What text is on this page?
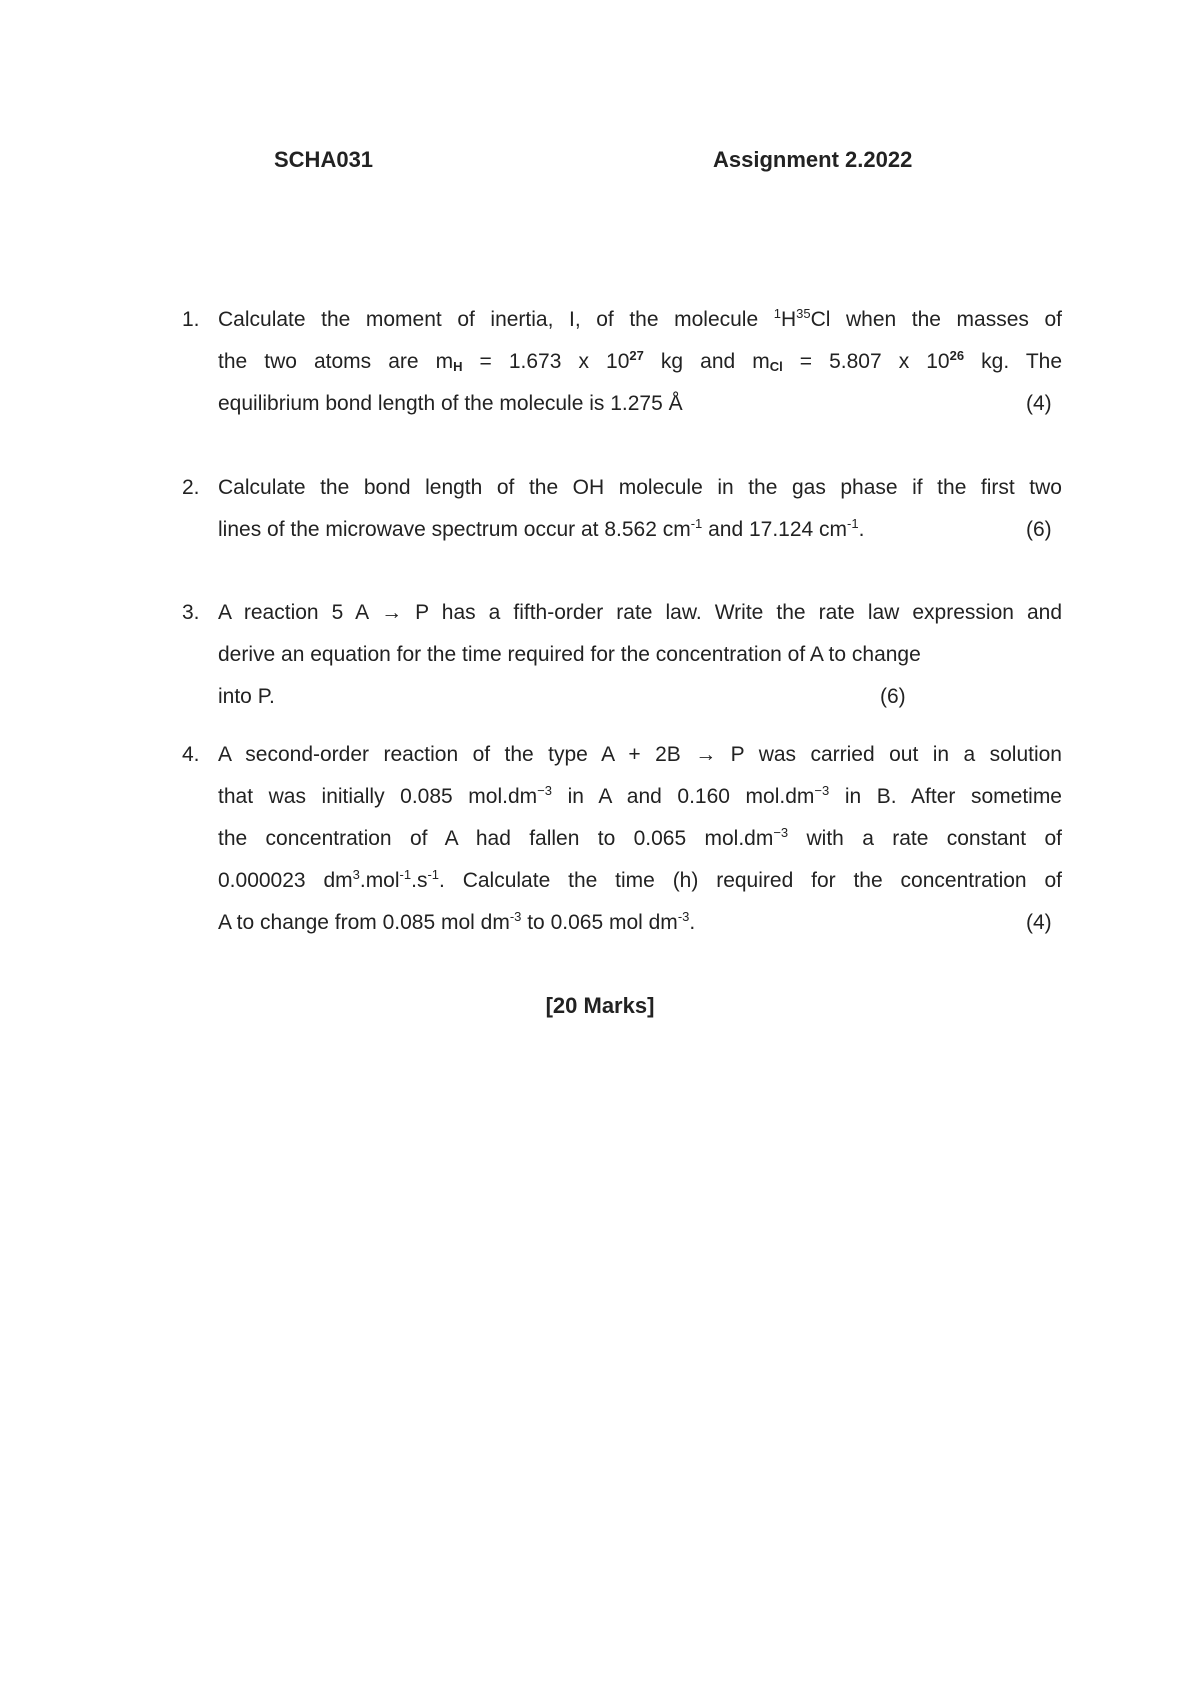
SCHA031	Assignment 2.2022
1. Calculate the moment of inertia, I, of the molecule $^1H^{35}Cl$ when the masses of
the two atoms are $m_H = 1.673$ x $10^{27}$ kg and $m_{Cl} = 5.807$ x $10^{26}$ kg. The
equilibrium bond length of the molecule is 1.275 Å	(4)
2. Calculate the bond length of the OH molecule in the gas phase if the first two
lines of the microwave spectrum occur at 8.562 $cm^{-1}$ and 17.124 $cm^{-1}$.	(6)
3. A reaction 5 A → P has a fifth-order rate law. Write the rate law expression and
derive an equation for the time required for the concentration of A to change
into P.	(6)
4. A second-order reaction of the type A + 2B → P was carried out in a solution
that was initially 0.085 $mol.dm^{-3}$ in A and 0.160 $mol.dm^{-3}$ in B. After sometime
the concentration of A had fallen to 0.065 $mol.dm^{-3}$ with a rate constant of
0.000023 $dm^3.mol^{-1}.s^{-1}$. Calculate the time (h) required for the concentration of
A to change from 0.085 mol $dm^{-3}$ to 0.065 mol $dm^{-3}$.	(4)
[20 Marks]
